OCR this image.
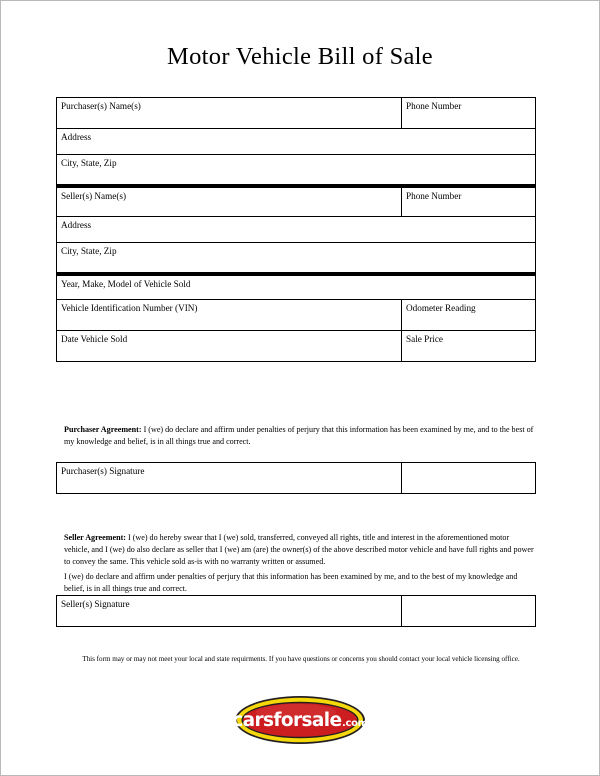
Motor Vehicle Bill of Sale
Purchaser(s) Name(s)	Phone Number
Address	
City, State, Zip	
Seller(s) Name(s)	Phone Number
Address	
City, State, Zip	
Year, Make, Model of Vehicle Sold	
Vehicle Identification Number (VIN)	Odometer Reading
Date Vehicle Sold	Sale Price

Purchaser Agreement: I (we) do declare and affirm under penalties of perjury that this information has been examined by me, and to the best of my knowledge and belief, is in all things true and correct.

Purchaser(s) Signature	

Seller Agreement: I (we) do hereby swear that I (we) sold, transferred, conveyed all rights, title and interest in the aforementioned motor vehicle, and I (we) do also declare as seller that I (we) am (are) the owner(s) of the above described motor vehicle and have full rights and power to convey the same. This vehicle sold as-is with no warranty written or assumed.

I (we) do declare and affirm under penalties of perjury that this information has been examined by me, and to the best of my knowledge and belief, is in all things true and correct.

Seller(s) Signature	
This form may or may not meet your local and state requirments. If you have questions or concerns you should contact your local vehicle licensing office.
carsforsale .com
